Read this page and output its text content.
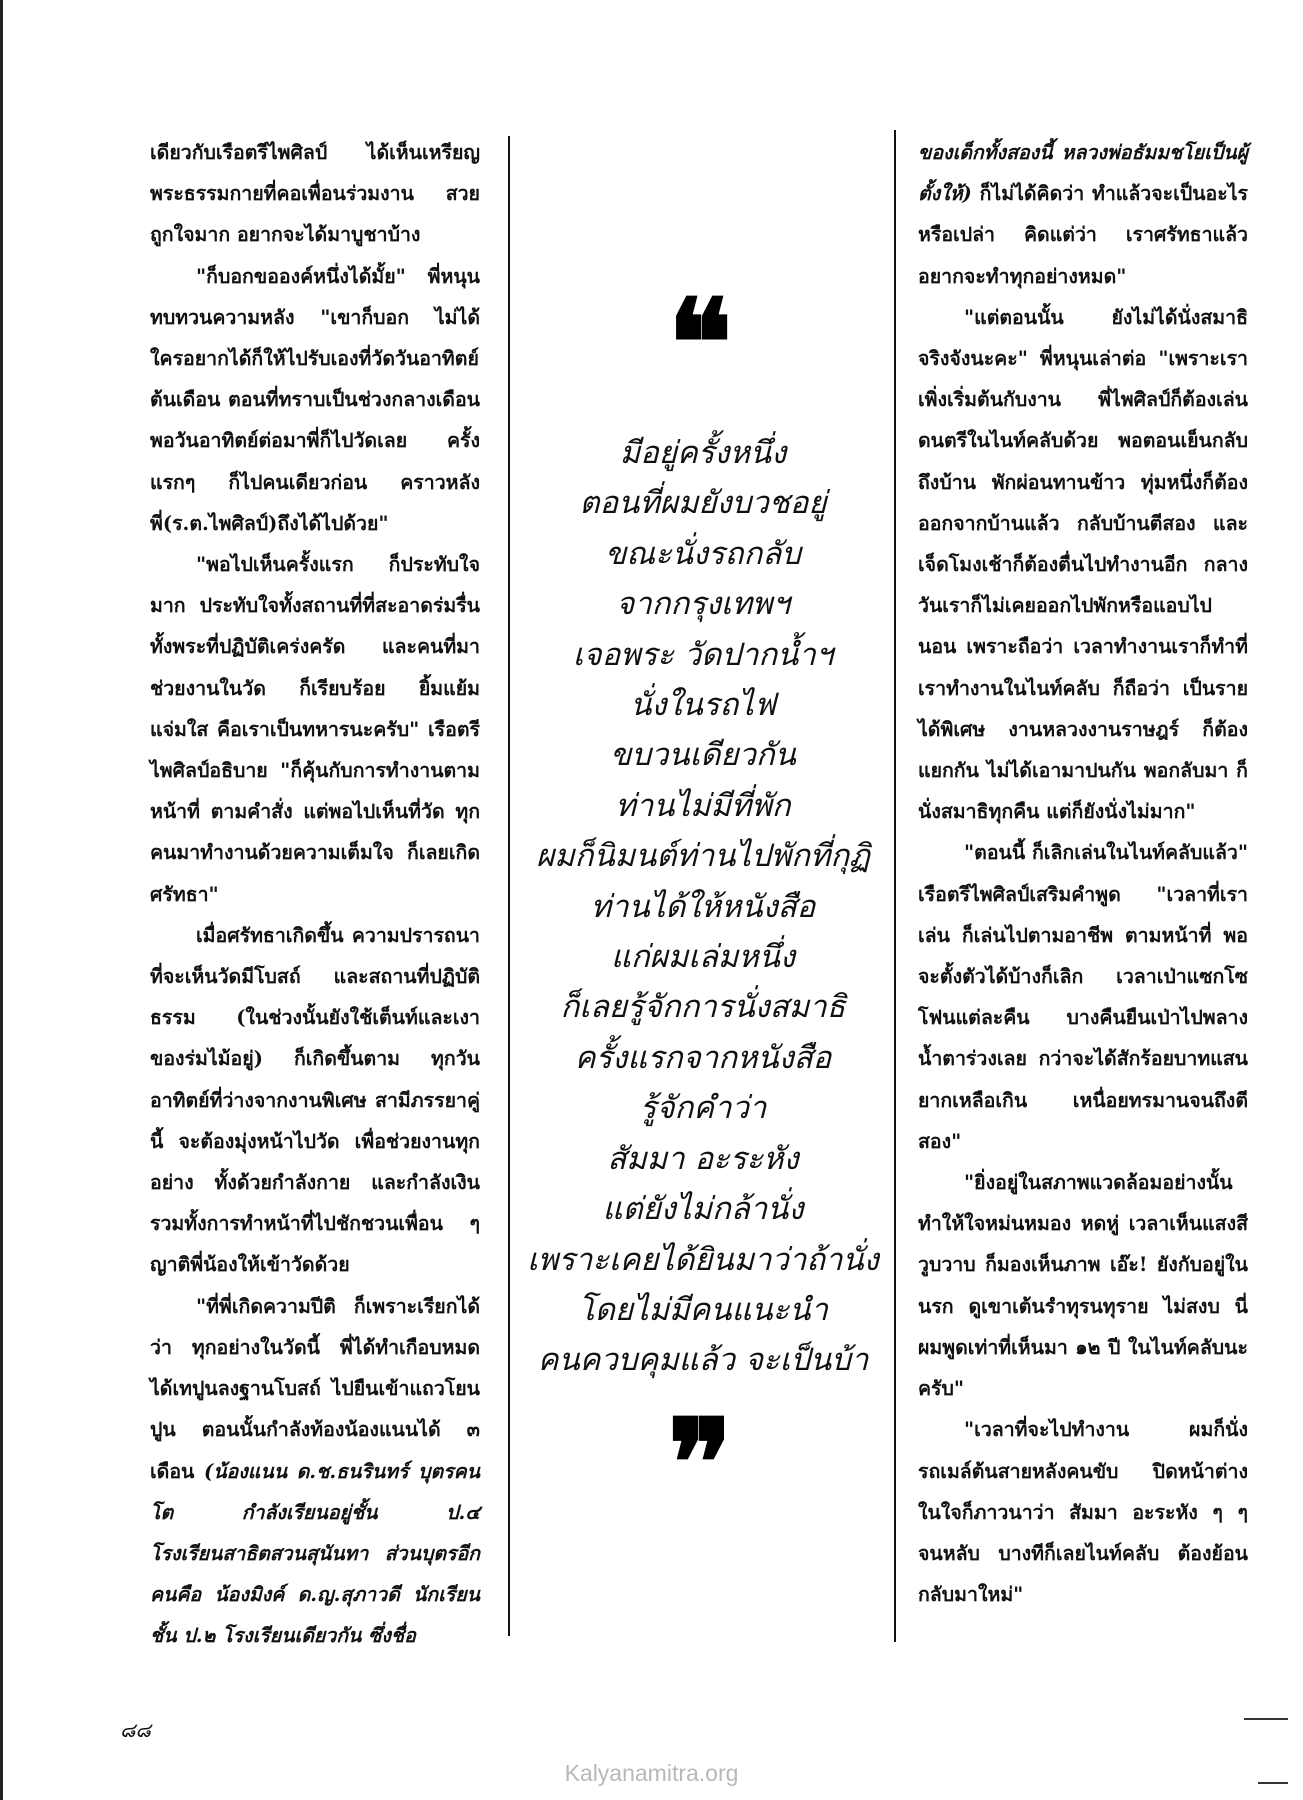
เดียวกับเรือตรีไพศิลป์ ได้เห็นเหรียญพระธรรมกายที่คอเพื่อนร่วมงาน สวยถูกใจมาก อยากจะได้มาบูชาบ้าง

"ก็บอกขอองค์หนึ่งได้มั้ย" พี่หนุนทบทวนความหลัง "เขาก็บอก ไม่ได้ ใครอยากได้ก็ให้ไปรับเองที่วัดวันอาทิตย์ต้นเดือน ตอนที่ทราบเป็นช่วงกลางเดือน พอวันอาทิตย์ต่อมาพี่ก็ไปวัดเลย ครั้งแรกๆ ก็ไปคนเดียวก่อน คราวหลังพี่(ร.ต.ไพศิลป์)ถึงได้ไปด้วย"

"พอไปเห็นครั้งแรก ก็ประทับใจมาก ประทับใจทั้งสถานที่ที่สะอาดร่มรื่น ทั้งพระที่ปฏิบัติเคร่งครัด และคนที่มาช่วยงานในวัด ก็เรียบร้อย ยิ้มแย้มแจ่มใส คือเราเป็นทหารนะครับ" เรือตรีไพศิลป์อธิบาย "ก็คุ้นกับการทำงานตามหน้าที่ ตามคำสั่ง แต่พอไปเห็นที่วัด ทุกคนมาทำงานด้วยความเต็มใจ ก็เลยเกิดศรัทธา"

เมื่อศรัทธาเกิดขึ้น ความปรารถนาที่จะเห็นวัดมีโบสถ์ และสถานที่ปฏิบัติธรรม (ในช่วงนั้นยังใช้เต็นท์และเงาของร่มไม้อยู่) ก็เกิดขึ้นตาม ทุกวันอาทิตย์ที่ว่างจากงานพิเศษ สามีภรรยาคู่นี้ จะต้องมุ่งหน้าไปวัด เพื่อช่วยงานทุกอย่าง ทั้งด้วยกำลังกาย และกำลังเงิน รวมทั้งการทำหน้าที่ไปชักชวนเพื่อน ๆ ญาติพี่น้องให้เข้าวัดด้วย

"ที่พี่เกิดความปีติ ก็เพราะเรียกได้ว่า ทุกอย่างในวัดนี้ พี่ได้ทำเกือบหมด ได้เทปูนลงฐานโบสถ์ ไปยืนเข้าแถวโยนปูน ตอนนั้นกำลังท้องน้องแนนได้ ๓ เดือน (น้องแนน ด.ช.ธนรินทร์ บุตรคนโต กำลังเรียนอยู่ชั้น ป.๔ โรงเรียนสาธิตสวนสุนันทา ส่วนบุตรอีกคนคือ น้องมิงค์ ด.ญ.สุภาวดี นักเรียนชั้น ป.๒ โรงเรียนเดียวกัน ซึ่งชื่อ

❝

มีอยู่ครั้งหนึ่ง

ตอนที่ผมยังบวชอยู่

ขณะนั่งรถกลับ

จากกรุงเทพฯ

เจอพระ วัดปากน้ำฯ

นั่งในรถไฟ

ขบวนเดียวกัน

ท่านไม่มีที่พัก

ผมก็นิมนต์ท่านไปพักที่กุฏิ

ท่านได้ให้หนังสือ

แก่ผมเล่มหนึ่ง

ก็เลยรู้จักการนั่งสมาธิ

ครั้งแรกจากหนังสือ

รู้จักคำว่า

สัมมา อะระหัง

แต่ยังไม่กล้านั่ง

เพราะเคยได้ยินมาว่าถ้านั่ง

โดยไม่มีคนแนะนำ

คนควบคุมแล้ว จะเป็นบ้า

❞

ของเด็กทั้งสองนี้ หลวงพ่อธัมมชโยเป็นผู้ตั้งให้) ก็ไม่ได้คิดว่า ทำแล้วจะเป็นอะไรหรือเปล่า คิดแต่ว่า เราศรัทธาแล้วอยากจะทำทุกอย่างหมด"

"แต่ตอนนั้น ยังไม่ได้นั่งสมาธิจริงจังนะคะ" พี่หนุนเล่าต่อ "เพราะเราเพิ่งเริ่มต้นกับงาน พี่ไพศิลป์ก็ต้องเล่นดนตรีในไนท์คลับด้วย พอตอนเย็นกลับถึงบ้าน พักผ่อนทานข้าว ทุ่มหนึ่งก็ต้องออกจากบ้านแล้ว กลับบ้านตีสอง และเจ็ดโมงเช้าก็ต้องตื่นไปทำงานอีก กลางวันเราก็ไม่เคยออกไปพักหรือแอบไปนอน เพราะถือว่า เวลาทำงานเราก็ทำที่เราทำงานในไนท์คลับ ก็ถือว่า เป็นรายได้พิเศษ งานหลวงงานราษฎร์ ก็ต้องแยกกัน ไม่ได้เอามาปนกัน พอกลับมา ก็นั่งสมาธิทุกคืน แต่ก็ยังนั่งไม่มาก"

"ตอนนี้ ก็เลิกเล่นในไนท์คลับแล้ว" เรือตรีไพศิลป์เสริมคำพูด "เวลาที่เราเล่น ก็เล่นไปตามอาชีพ ตามหน้าที่ พอจะตั้งตัวได้บ้างก็เลิก เวลาเป่าแซกโซโฟนแต่ละคืน บางคืนยืนเป่าไปพลาง น้ำตาร่วงเลย กว่าจะได้สักร้อยบาทแสนยากเหลือเกิน เหนื่อยทรมานจนถึงตีสอง"

"ยิ่งอยู่ในสภาพแวดล้อมอย่างนั้น ทำให้ใจหม่นหมอง หดหู่ เวลาเห็นแสงสีวูบวาบ ก็มองเห็นภาพ เอ๊ะ! ยังกับอยู่ในนรก ดูเขาเต้นรำทุรนทุราย ไม่สงบ นี่ผมพูดเท่าที่เห็นมา ๑๒ ปี ในไนท์คลับนะครับ"

"เวลาที่จะไปทำงาน ผมก็นั่งรถเมล์ต้นสายหลังคนขับ ปิดหน้าต่าง ในใจก็ภาวนาว่า สัมมา อะระหัง ๆ ๆ จนหลับ บางทีก็เลยไนท์คลับ ต้องย้อนกลับมาใหม่"

๘๘
Kalyanamitra.org
